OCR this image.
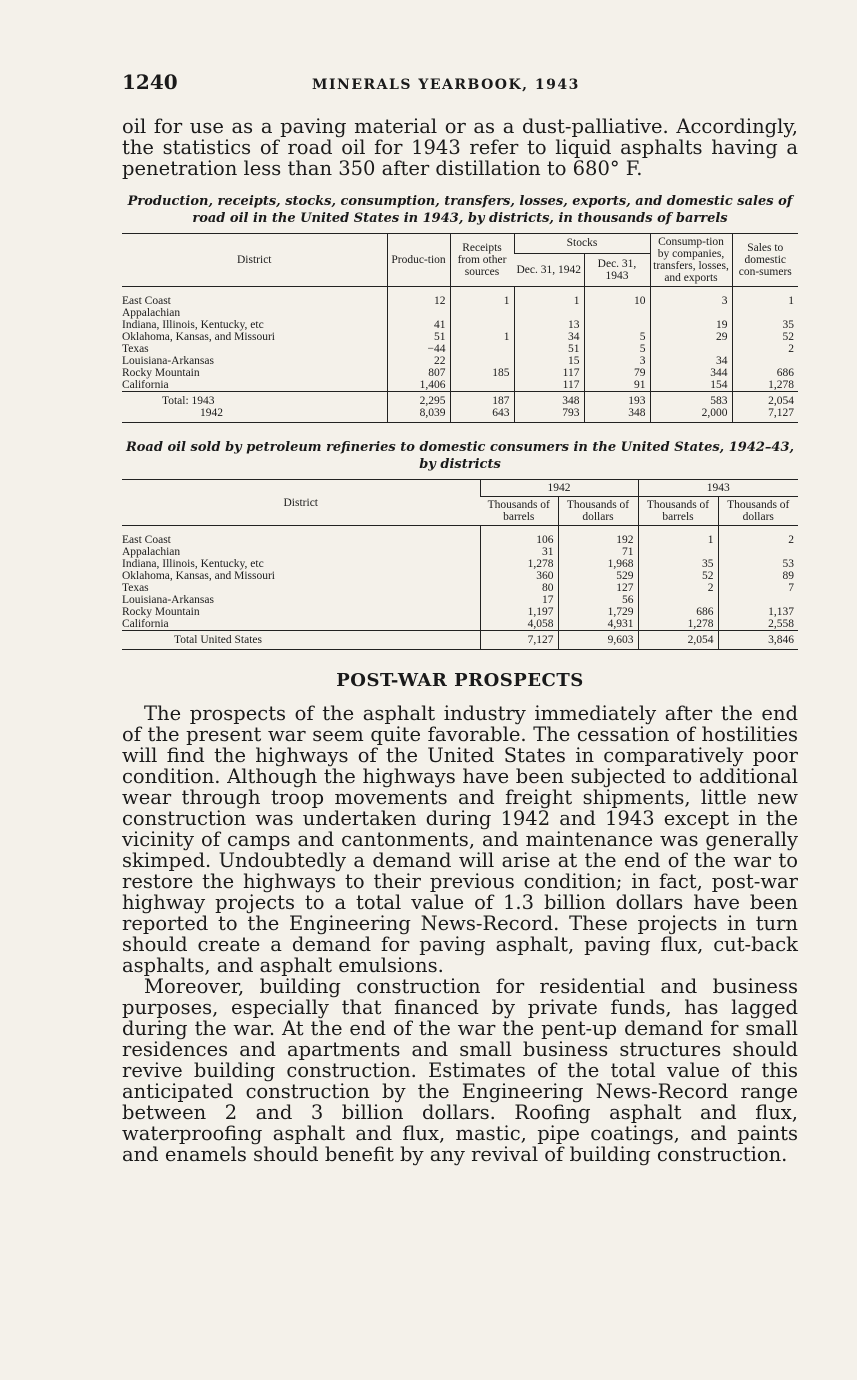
1240	MINERALS YEARBOOK, 1943

oil for use as a paving material or as a dust-palliative. Accordingly, the statistics of road oil for 1943 refer to liquid asphalts having a penetration less than 350 after distillation to 680° F.

Production, receipts, stocks, consumption, transfers, losses, exports, and domestic sales of road oil in the United States in 1943, by districts, in thousands of barrels
District	Produc-tion	Receipts from other sources	Stocks		Consump-tion by companies, transfers, losses, and exports	Sales to domestic con-sumers
			Dec. 31, 1942	Dec. 31, 1943		
East Coast	12	1	1	10	3	1
Appalachian						
Indiana, Illinois, Kentucky, etc	41		13		19	35
Oklahoma, Kansas, and Missouri	51	1	34	5	29	52
Texas	−44		51	5		2
Louisiana-Arkansas	22		15	3	34	
Rocky Mountain	807	185	117	79	344	686
California	1,406		117	91	154	1,278
Total: 1943	2,295	187	348	193	583	2,054
1942	8,039	643	793	348	2,000	7,127
Road oil sold by petroleum refineries to domestic consumers in the United States, 1942–43, by districts
District	1942		1943	
	Thousands of barrels	Thousands of dollars	Thousands of barrels	Thousands of dollars
East Coast	106	192	1	2
Appalachian	31	71		
Indiana, Illinois, Kentucky, etc	1,278	1,968	35	53
Oklahoma, Kansas, and Missouri	360	529	52	89
Texas	80	127	2	7
Louisiana-Arkansas	17	56		
Rocky Mountain	1,197	1,729	686	1,137
California	4,058	4,931	1,278	2,558
Total United States	7,127	9,603	2,054	3,846
POST-WAR PROSPECTS

The prospects of the asphalt industry immediately after the end of the present war seem quite favorable. The cessation of hostilities will find the highways of the United States in comparatively poor condition. Although the highways have been subjected to additional wear through troop movements and freight shipments, little new construction was undertaken during 1942 and 1943 except in the vicinity of camps and cantonments, and maintenance was generally skimped. Undoubtedly a demand will arise at the end of the war to restore the highways to their previous condition; in fact, post-war highway projects to a total value of 1.3 billion dollars have been reported to the Engineering News-Record. These projects in turn should create a demand for paving asphalt, paving flux, cut-back asphalts, and asphalt emulsions.

Moreover, building construction for residential and business purposes, especially that financed by private funds, has lagged during the war. At the end of the war the pent-up demand for small residences and apartments and small business structures should revive building construction. Estimates of the total value of this anticipated construction by the Engineering News-Record range between 2 and 3 billion dollars. Roofing asphalt and flux, waterproofing asphalt and flux, mastic, pipe coatings, and paints and enamels should benefit by any revival of building construction.
